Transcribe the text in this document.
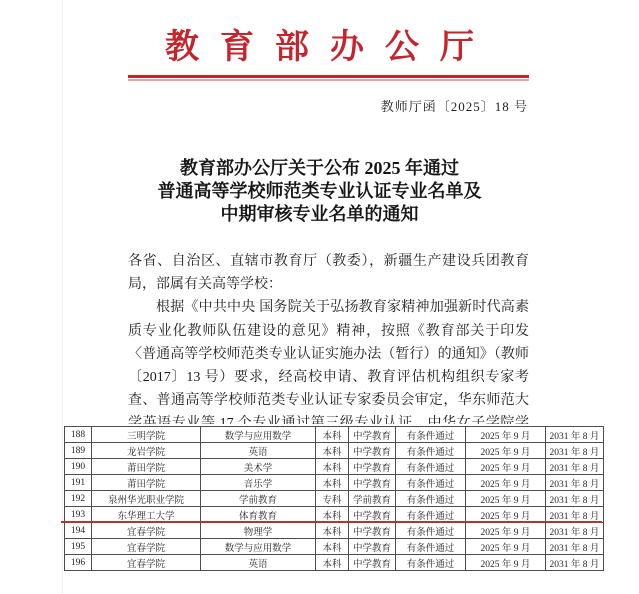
教育部办公厅
教师厅函〔2025〕18 号
教育部办公厅关于公布 2025 年通过
普通高等学校师范类专业认证专业名单及
中期审核专业名单的通知
各省、自治区、直辖市教育厅（教委），新疆生产建设兵团教育
局，部属有关高等学校：
根据《中共中央 国务院关于弘扬教育家精神加强新时代高素
质专业化教师队伍建设的意见》精神，按照《教育部关于印发
〈普通高等学校师范类专业认证实施办法（暂行）的通知》（教师
〔2017〕13 号）要求，经高校申请、教育评估机构组织专家考
查、普通高等学校师范类专业认证专家委员会审定，华东师范大
188	三明学院	数学与应用数学	本科	中学教育	有条件通过	2025 年 9 月	2031 年 8 月
189	龙岩学院	英语	本科	中学教育	有条件通过	2025 年 9 月	2031 年 8 月
190	莆田学院	美术学	本科	中学教育	有条件通过	2025 年 9 月	2031 年 8 月
191	莆田学院	音乐学	本科	中学教育	有条件通过	2025 年 9 月	2031 年 8 月
192	泉州华光职业学院	学前教育	专科	学前教育	有条件通过	2025 年 9 月	2031 年 8 月
193	东华理工大学	体育教育	本科	中学教育	有条件通过	2025 年 9 月	2031 年 8 月
194	宜春学院	物理学	本科	中学教育	有条件通过	2025 年 9 月	2031 年 8 月
195	宜春学院	数学与应用数学	本科	中学教育	有条件通过	2025 年 9 月	2031 年 8 月
196	宜春学院	英语	本科	中学教育	有条件通过	2025 年 9 月	2031 年 8 月
